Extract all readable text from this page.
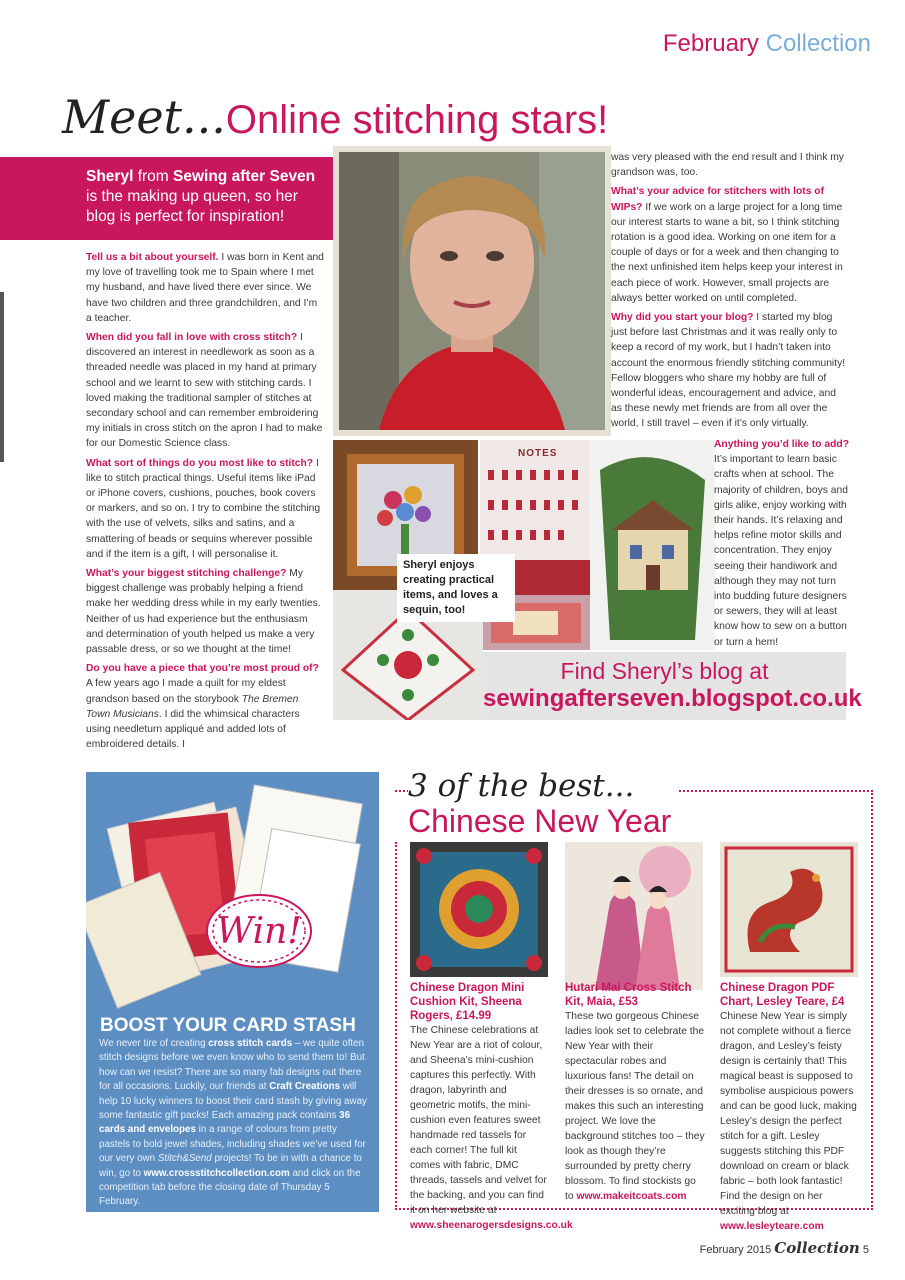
February Collection
Meet...Online stitching stars!
Sheryl from Sewing after Seven
is the making up queen, so her blog is perfect for inspiration!

Tell us a bit about yourself. I was born in Kent and my love of travelling took me to Spain where I met my husband, and have lived there ever since. We have two children and three grandchildren, and I’m a teacher.

When did you fall in love with cross stitch? I discovered an interest in needlework as soon as a threaded needle was placed in my hand at primary school and we learnt to sew with stitching cards. I loved making the traditional sampler of stitches at secondary school and can remember embroidering my initials in cross stitch on the apron I had to make for our Domestic Science class.

What sort of things do you most like to stitch? I like to stitch practical things. Useful items like iPad or iPhone covers, cushions, pouches, book covers or markers, and so on. I try to combine the stitching with the use of velvets, silks and satins, and a smattering of beads or sequins wherever possible and if the item is a gift, I will personalise it.

What’s your biggest stitching challenge? My biggest challenge was probably helping a friend make her wedding dress while in my early twenties. Neither of us had experience but the enthusiasm and determination of youth helped us make a very passable dress, or so we thought at the time!

Do you have a piece that you’re most proud of? A few years ago I made a quilt for my eldest grandson based on the storybook The Bremen Town Musicians. I did the whimsical characters using needleturn appliqué and added lots of embroidered details. I

was very pleased with the end result and I think my grandson was, too.

What’s your advice for stitchers with lots of WIPs? If we work on a large project for a long time our interest starts to wane a bit, so I think stitching rotation is a good idea. Working on one item for a couple of days or for a week and then changing to the next unfinished item helps keep your interest in each piece of work. However, small projects are always better worked on until completed.

Why did you start your blog? I started my blog just before last Christmas and it was really only to keep a record of my work, but I hadn’t taken into account the enormous friendly stitching community! Fellow bloggers who share my hobby are full of wonderful ideas, encouragement and advice, and as these newly met friends are from all over the world, I still travel – even if it’s only virtually.

NOTES
Sheryl enjoys creating practical items, and loves a sequin, too!

Anything you’d like to add?
It’s important to learn basic crafts when at school. The majority of children, boys and girls alike, enjoy working with their hands. It’s relaxing and helps refine motor skills and concentration. They enjoy seeing their handiwork and although they may not turn into budding future designers or sewers, they will at least know how to sew on a button or turn a hem!

Find Sheryl’s blog at
sewingafterseven.blogspot.co.uk
BOOST YOUR CARD STASH
We never tire of creating cross stitch cards – we quite often stitch designs before we even know who to send them to! But how can we resist? There are so many fab designs out there for all occasions. Luckily, our friends at Craft Creations will help 10 lucky winners to boost their card stash by giving away some fantastic gift packs! Each amazing pack contains 36 cards and envelopes in a range of colours from pretty pastels to bold jewel shades, including shades we’ve used for our very own Stitch&Send projects! To be in with a chance to win, go to www.crossstitchcollection.com and click on the competition tab before the closing date of Thursday 5 February.
Win!
3 of the best...
Chinese New Year
Chinese Dragon Mini Cushion Kit, Sheena Rogers, £14.99
The Chinese celebrations at New Year are a riot of colour, and Sheena’s mini-cushion captures this perfectly. With dragon, labyrinth and geometric motifs, the mini-cushion even features sweet handmade red tassels for each corner! The full kit comes with fabric, DMC threads, tassels and velvet for the backing, and you can find it on her website at www.sheenarogersdesigns.co.uk
Hutari Mai Cross Stitch Kit, Maia, £53
These two gorgeous Chinese ladies look set to celebrate the New Year with their spectacular robes and luxurious fans! The detail on their dresses is so ornate, and makes this such an interesting project. We love the background stitches too – they look as though they’re surrounded by pretty cherry blossom. To find stockists go to www.makeitcoats.com
Chinese Dragon PDF Chart, Lesley Teare, £4
Chinese New Year is simply not complete without a fierce dragon, and Lesley’s feisty design is certainly that! This magical beast is supposed to symbolise auspicious powers and can be good luck, making Lesley’s design the perfect stitch for a gift. Lesley suggests stitching this PDF download on cream or black fabric – both look fantastic! Find the design on her exciting blog at www.lesleyteare.com
February 2015 Collection 5
